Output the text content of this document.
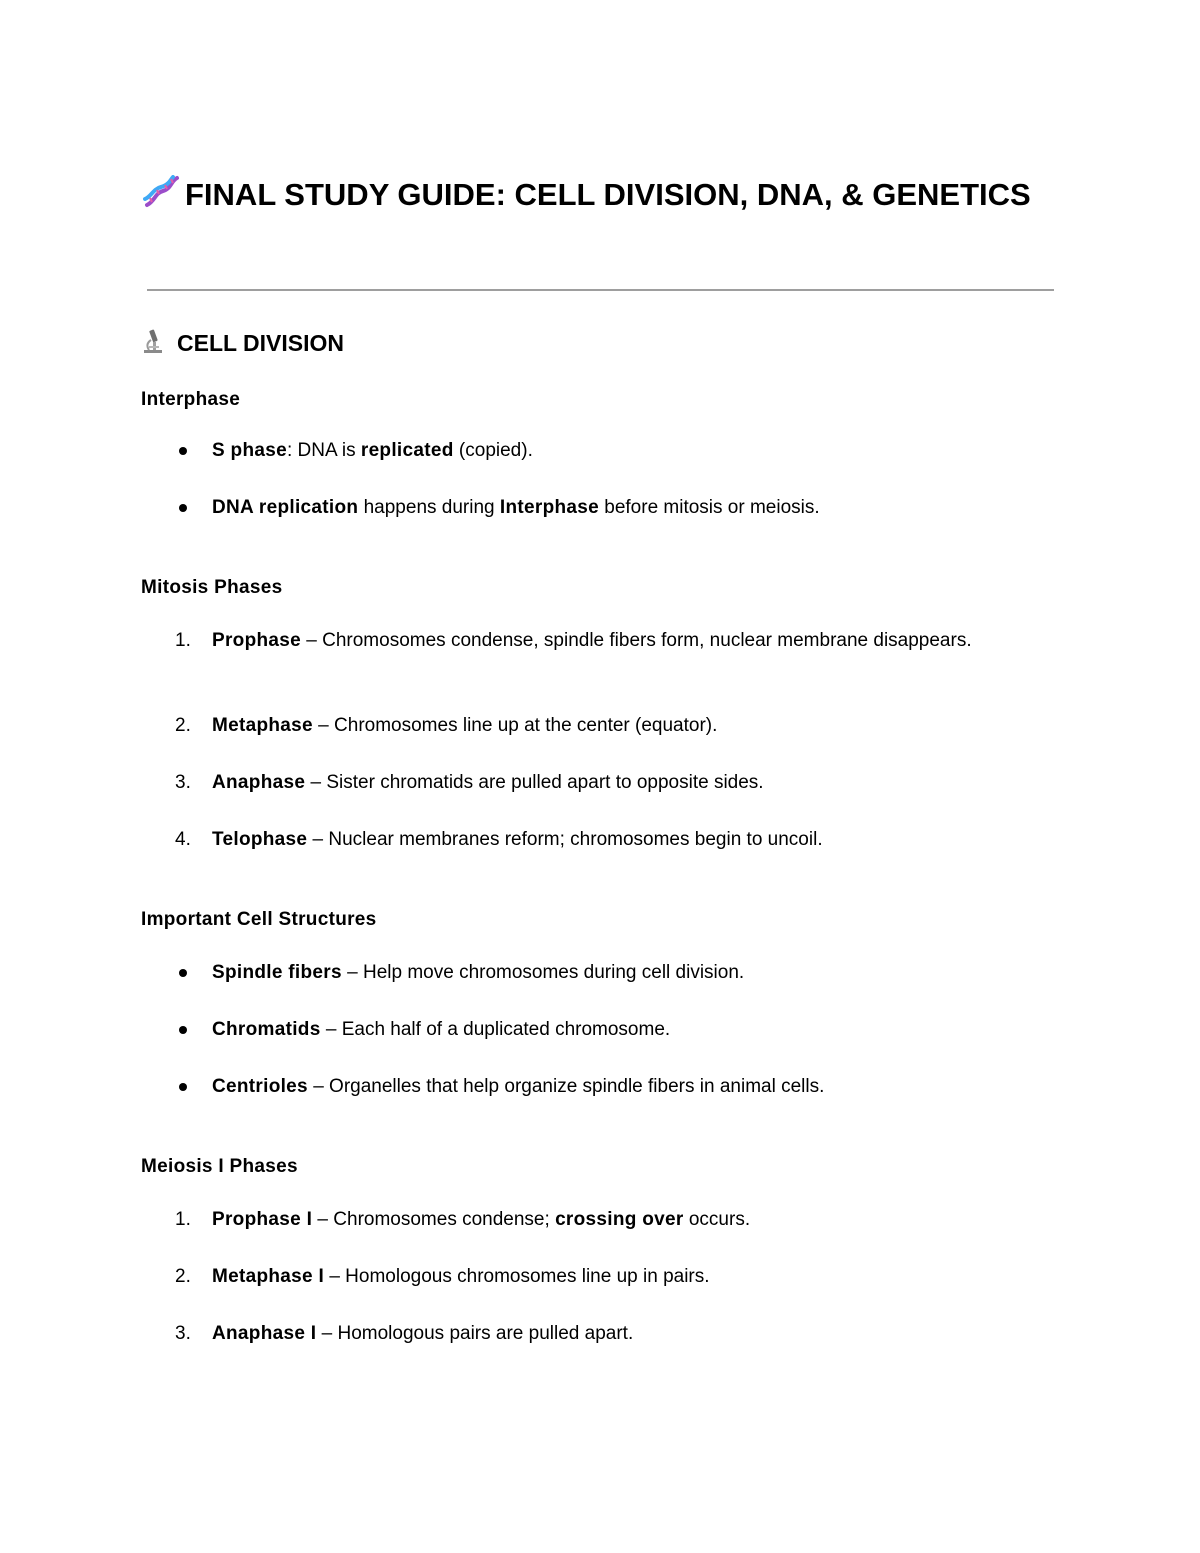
FINAL STUDY GUIDE: CELL DIVISION, DNA, & GENETICS
CELL DIVISION
Interphase
S phase: DNA is replicated (copied).
DNA replication happens during Interphase before mitosis or meiosis.
Mitosis Phases
1. Prophase – Chromosomes condense, spindle fibers form, nuclear membrane disappears.
2. Metaphase – Chromosomes line up at the center (equator).
3. Anaphase – Sister chromatids are pulled apart to opposite sides.
4. Telophase – Nuclear membranes reform; chromosomes begin to uncoil.
Important Cell Structures
Spindle fibers – Help move chromosomes during cell division.
Chromatids – Each half of a duplicated chromosome.
Centrioles – Organelles that help organize spindle fibers in animal cells.
Meiosis I Phases
1. Prophase I – Chromosomes condense; crossing over occurs.
2. Metaphase I – Homologous chromosomes line up in pairs.
3. Anaphase I – Homologous pairs are pulled apart.
